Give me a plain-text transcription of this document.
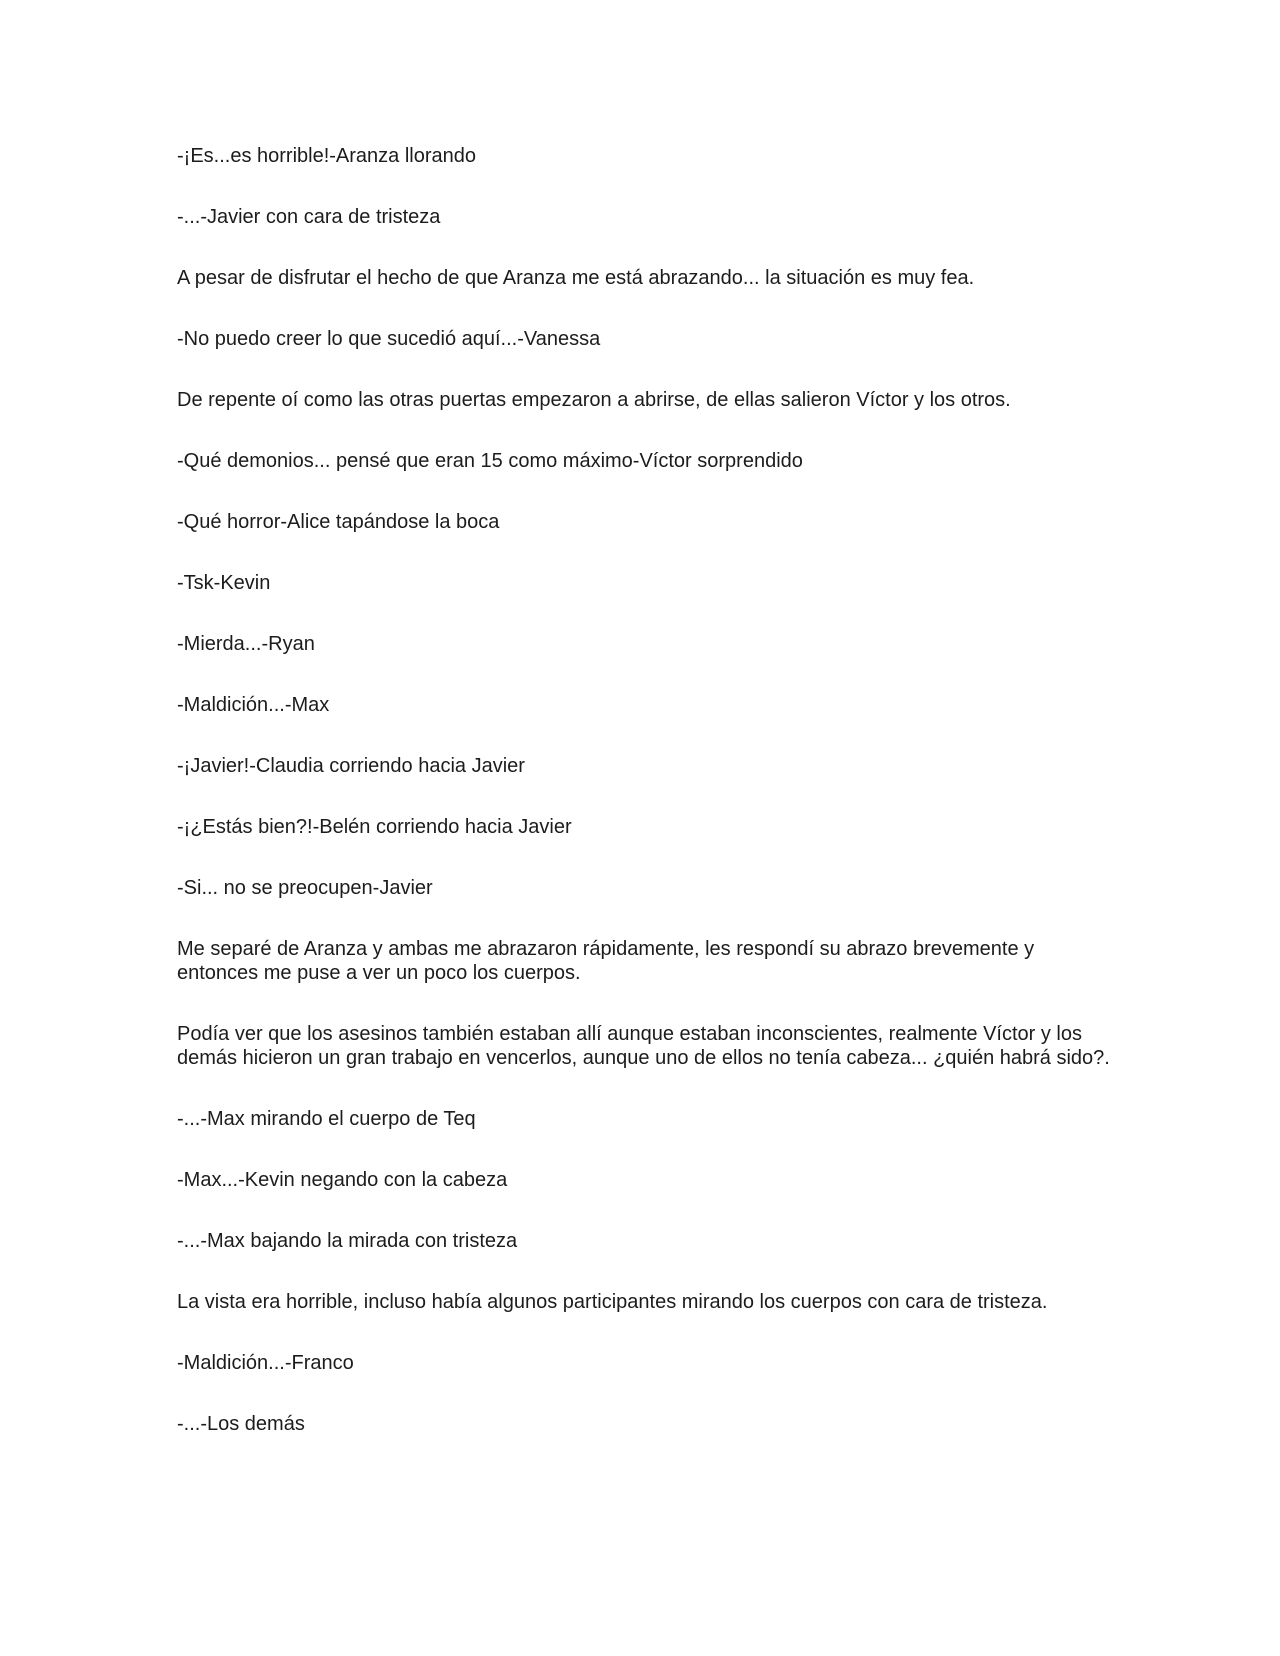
-¡Es...es horrible!-Aranza llorando

-...-Javier con cara de tristeza

A pesar de disfrutar el hecho de que Aranza me está abrazando... la situación es muy fea.

-No puedo creer lo que sucedió aquí...-Vanessa

De repente oí como las otras puertas empezaron a abrirse, de ellas salieron Víctor y los otros.

-Qué demonios... pensé que eran 15 como máximo-Víctor sorprendido

-Qué horror-Alice tapándose la boca

-Tsk-Kevin

-Mierda...-Ryan

-Maldición...-Max

-¡Javier!-Claudia corriendo hacia Javier

-¡¿Estás bien?!-Belén corriendo hacia Javier

-Si... no se preocupen-Javier

Me separé de Aranza y ambas me abrazaron rápidamente, les respondí su abrazo brevemente y entonces me puse a ver un poco los cuerpos.

Podía ver que los asesinos también estaban allí aunque estaban inconscientes, realmente Víctor y los demás hicieron un gran trabajo en vencerlos, aunque uno de ellos no tenía cabeza... ¿quién habrá sido?.

-...-Max mirando el cuerpo de Teq

-Max...-Kevin negando con la cabeza

-...-Max bajando la mirada con tristeza

La vista era horrible, incluso había algunos participantes mirando los cuerpos con cara de tristeza.

-Maldición...-Franco

-...-Los demás
